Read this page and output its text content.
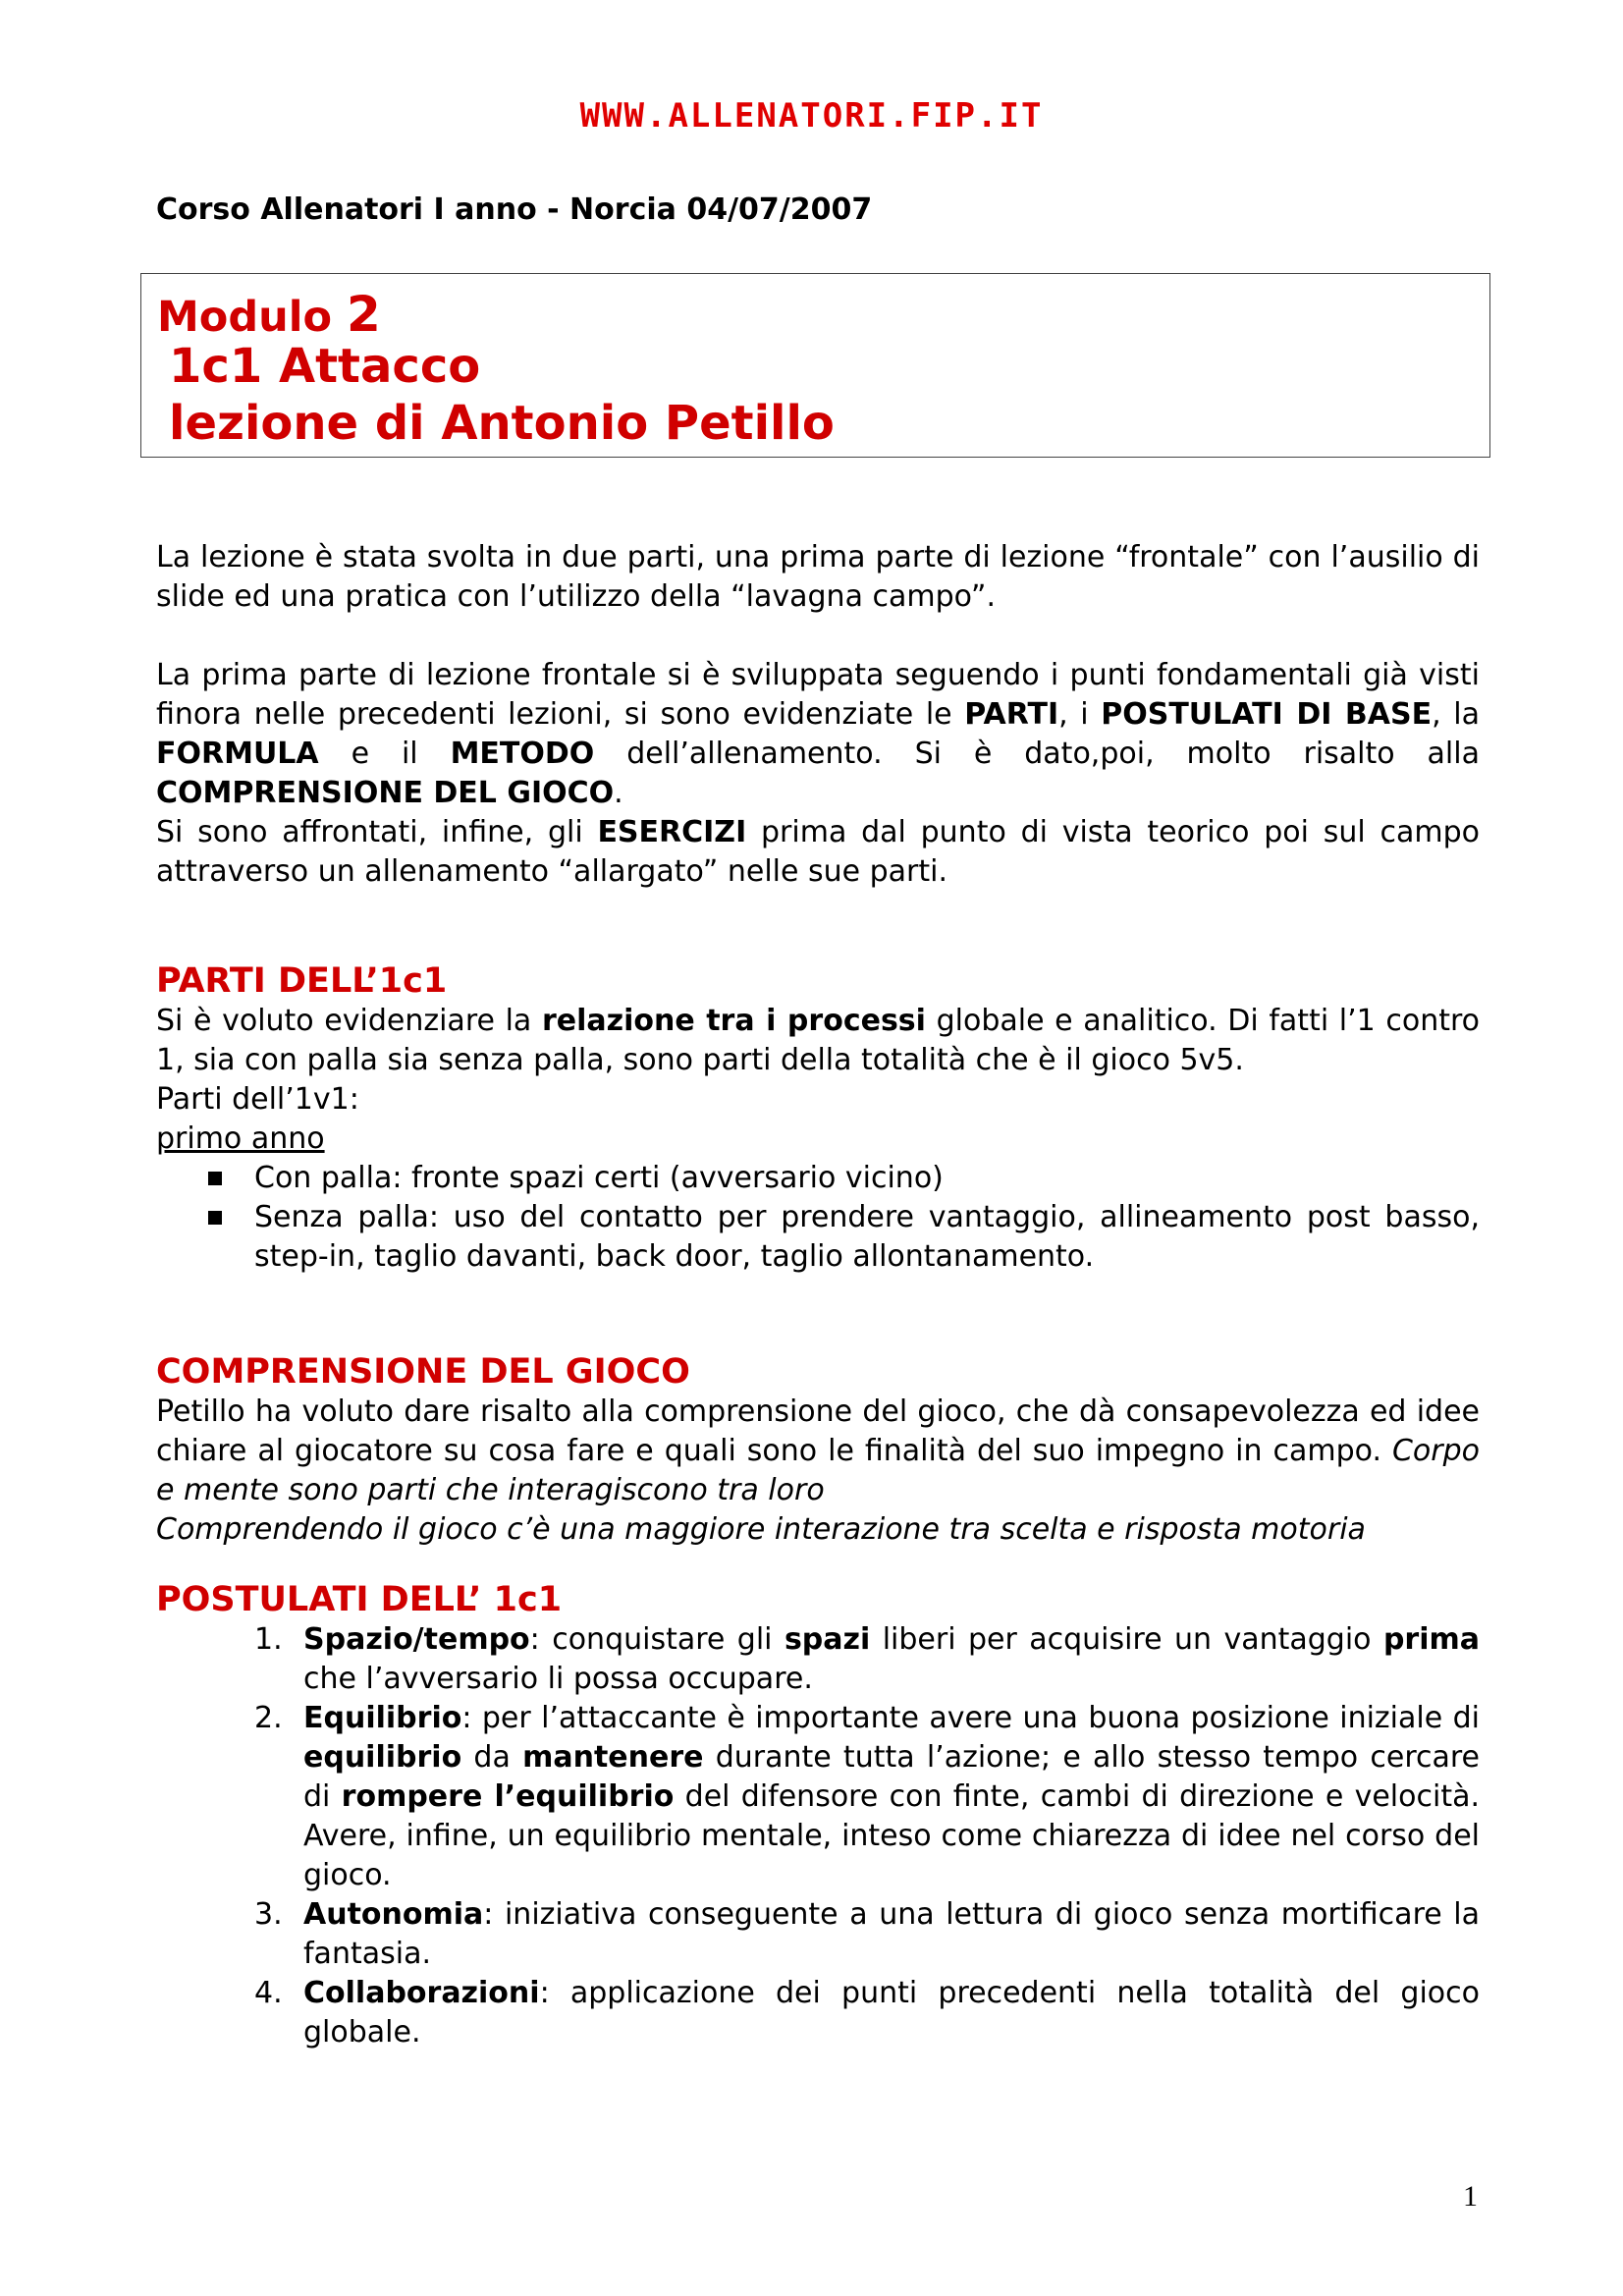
WWW.ALLENATORI.FIP.IT
Corso Allenatori I anno - Norcia 04/07/2007
Modulo 2
1c1 Attacco
lezione di Antonio Petillo

La lezione è stata svolta in due parti, una prima parte di lezione “frontale” con l’ausilio di slide ed una pratica con l’utilizzo della “lavagna campo”.

La prima parte di lezione frontale si è sviluppata seguendo i punti fondamentali già visti finora nelle precedenti lezioni, si sono evidenziate le PARTI, i POSTULATI DI BASE, la FORMULA e il METODO dell’allenamento. Si è dato,poi, molto risalto alla COMPRENSIONE DEL GIOCO.

Si sono affrontati, infine, gli ESERCIZI prima dal punto di vista teorico poi sul campo attraverso un allenamento “allargato” nelle sue parti.

PARTI DELL’1c1

Si è voluto evidenziare la relazione tra i processi globale e analitico. Di fatti l’1 contro 1, sia con palla sia senza palla, sono parti della totalità che è il gioco 5v5.

Parti dell’1v1:

primo anno

Con palla: fronte spazi certi (avversario vicino)
Senza palla: uso del contatto per prendere vantaggio, allineamento post basso, step-in, taglio davanti, back door, taglio allontanamento.
COMPRENSIONE DEL GIOCO

Petillo ha voluto dare risalto alla comprensione del gioco, che dà consapevolezza ed idee chiare al giocatore su cosa fare e quali sono le finalità del suo impegno in campo. Corpo e mente sono parti che interagiscono tra loro

Comprendendo il gioco c’è una maggiore interazione tra scelta e risposta motoria

POSTULATI DELL’ 1c1
1. Spazio/tempo: conquistare gli spazi liberi per acquisire un vantaggio prima che l’avversario li possa occupare.
2. Equilibrio: per l’attaccante è importante avere una buona posizione iniziale di equilibrio da mantenere durante tutta l’azione; e allo stesso tempo cercare di rompere l’equilibrio del difensore con finte, cambi di direzione e velocità. Avere, infine, un equilibrio mentale, inteso come chiarezza di idee nel corso del gioco.
3. Autonomia: iniziativa conseguente a una lettura di gioco senza mortificare la fantasia.
4. Collaborazioni: applicazione dei punti precedenti nella totalità del gioco globale.
1
